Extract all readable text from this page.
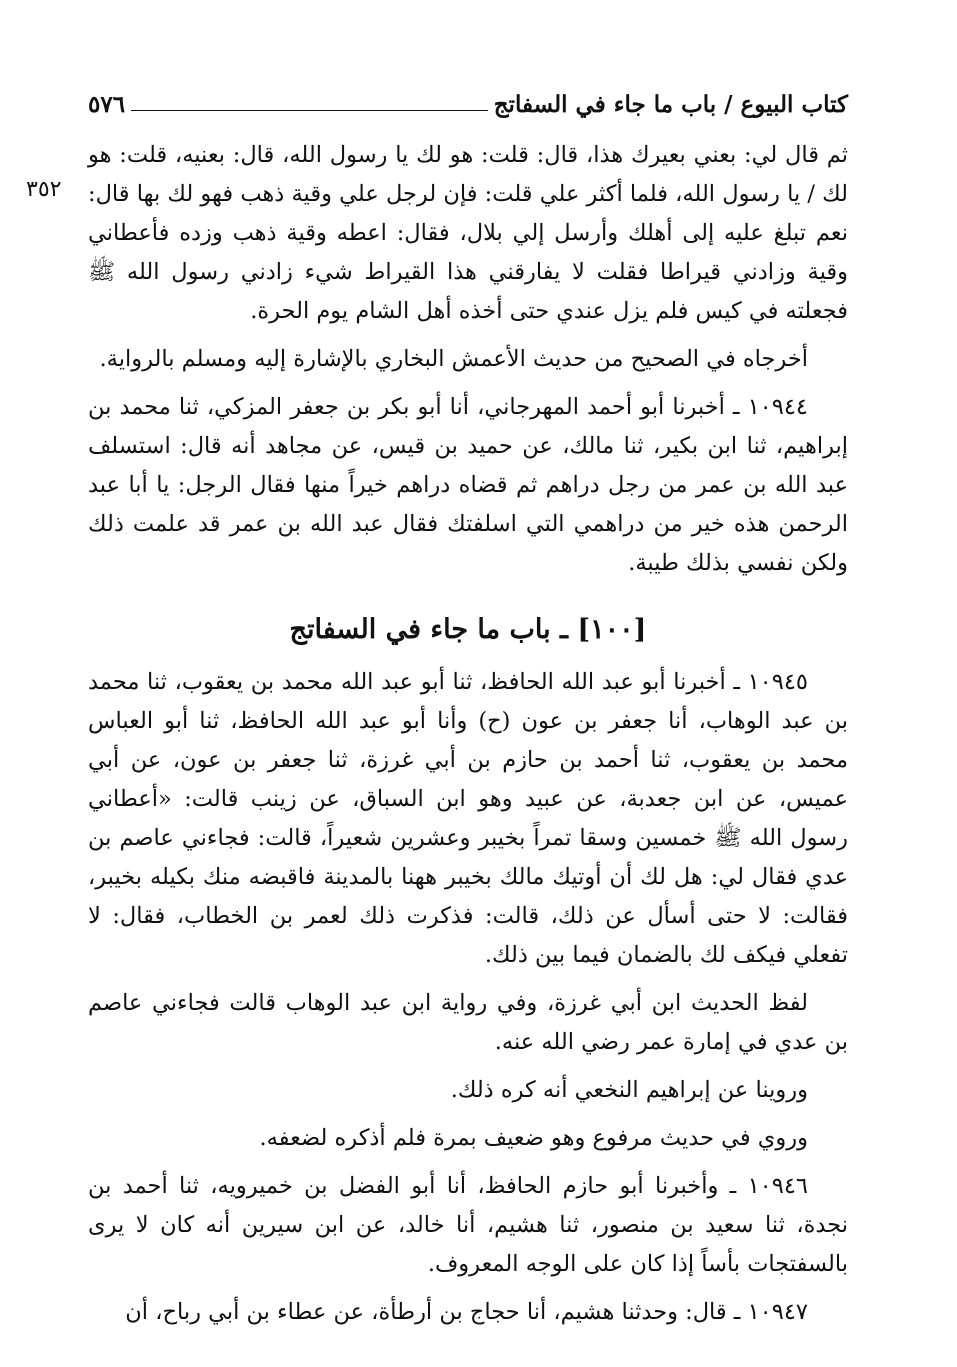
كتاب البيوع / باب ما جاء في السفاتج
٥٧٦
٣٥٢

ثم قال لي: بعني بعيرك هذا، قال: قلت: هو لك يا رسول الله، قال: بعنيه، قلت: هو لك / يا رسول الله، فلما أكثر علي قلت: فإن لرجل علي وقية ذهب فهو لك بها قال: نعم تبلغ عليه إلى أهلك وأرسل إلي بلال، فقال: اعطه وقية ذهب وزده فأعطاني وقية وزادني قيراطا فقلت لا يفارقني هذا القيراط شيء زادني رسول الله ﷺ فجعلته في كيس فلم يزل عندي حتى أخذه أهل الشام يوم الحرة.

أخرجاه في الصحيح من حديث الأعمش البخاري بالإشارة إليه ومسلم بالرواية.

١٠٩٤٤ ـ أخبرنا أبو أحمد المهرجاني، أنا أبو بكر بن جعفر المزكي، ثنا محمد بن إبراهيم، ثنا ابن بكير، ثنا مالك، عن حميد بن قيس، عن مجاهد أنه قال: استسلف عبد الله بن عمر من رجل دراهم ثم قضاه دراهم خيراً منها فقال الرجل: يا أبا عبد الرحمن هذه خير من دراهمي التي اسلفتك فقال عبد الله بن عمر قد علمت ذلك ولكن نفسي بذلك طيبة.

[١٠٠] ـ باب ما جاء في السفاتج

١٠٩٤٥ ـ أخبرنا أبو عبد الله الحافظ، ثنا أبو عبد الله محمد بن يعقوب، ثنا محمد بن عبد الوهاب، أنا جعفر بن عون (ح) وأنا أبو عبد الله الحافظ، ثنا أبو العباس محمد بن يعقوب، ثنا أحمد بن حازم بن أبي غرزة، ثنا جعفر بن عون، عن أبي عميس، عن ابن جعدبة، عن عبيد وهو ابن السباق، عن زينب قالت: «أعطاني رسول الله ﷺ خمسين وسقا تمراً بخيبر وعشرين شعيراً، قالت: فجاءني عاصم بن عدي فقال لي: هل لك أن أوتيك مالك بخيبر ههنا بالمدينة فاقبضه منك بكيله بخيبر، فقالت: لا حتى أسأل عن ذلك، قالت: فذكرت ذلك لعمر بن الخطاب، فقال: لا تفعلي فيكف لك بالضمان فيما بين ذلك.

لفظ الحديث ابن أبي غرزة، وفي رواية ابن عبد الوهاب قالت فجاءني عاصم بن عدي في إمارة عمر رضي الله عنه.

وروينا عن إبراهيم النخعي أنه كره ذلك.

وروي في حديث مرفوع وهو ضعيف بمرة فلم أذكره لضعفه.

١٠٩٤٦ ـ وأخبرنا أبو حازم الحافظ، أنا أبو الفضل بن خميرويه، ثنا أحمد بن نجدة، ثنا سعيد بن منصور، ثنا هشيم، أنا خالد، عن ابن سيرين أنه كان لا يرى بالسفتجات بأساً إذا كان على الوجه المعروف.

١٠٩٤٧ ـ قال: وحدثنا هشيم، أنا حجاج بن أرطأة، عن عطاء بن أبي رباح، أن
